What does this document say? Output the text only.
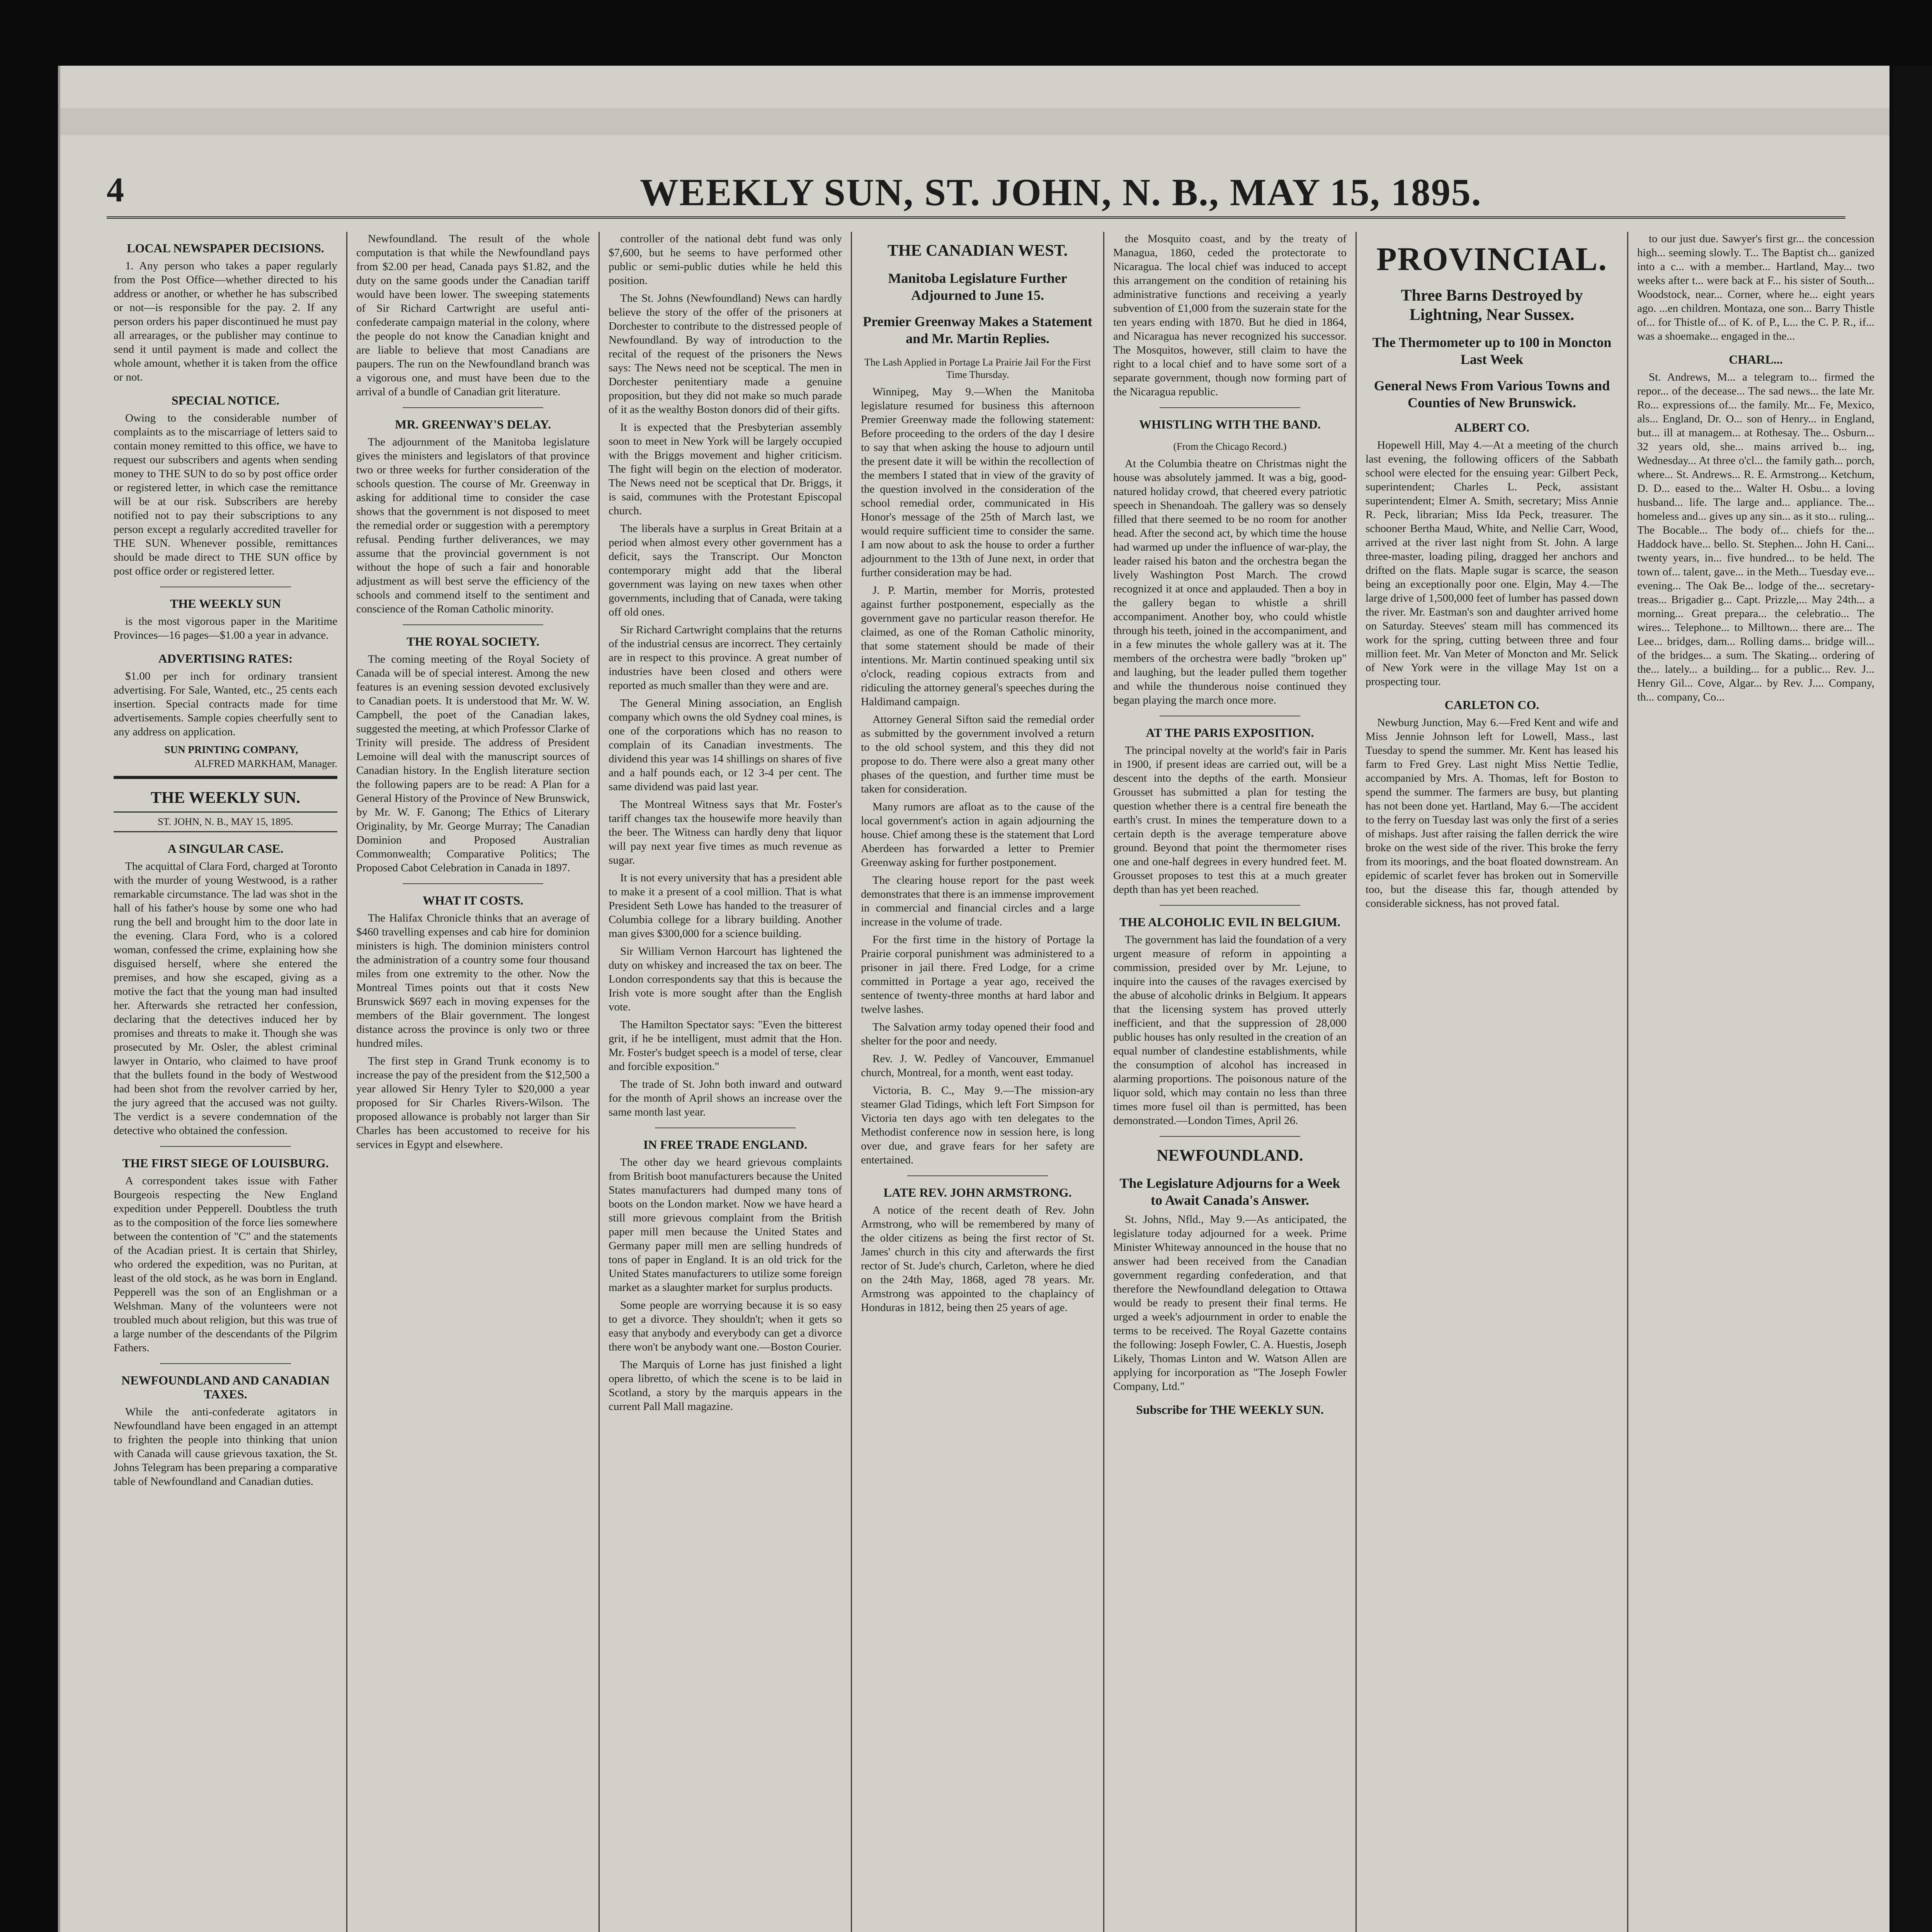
4	WEEKLY SUN, ST. JOHN, N. B., MAY 15, 1895.
LOCAL NEWSPAPER DECISIONS.

1. Any person who takes a paper regularly from the Post Office—whether directed to his address or another, or whether he has subscribed or not—is responsible for the pay. 2. If any person orders his paper discontinued he must pay all arrearages, or the publisher may continue to send it until payment is made and collect the whole amount, whether it is taken from the office or not.

SPECIAL NOTICE.

Owing to the considerable number of complaints as to the miscarriage of letters said to contain money remitted to this office, we have to request our subscribers and agents when sending money to THE SUN to do so by post office order or registered letter, in which case the remittance will be at our risk. Subscribers are hereby notified not to pay their subscriptions to any person except a regularly accredited traveller for THE SUN. Whenever possible, remittances should be made direct to THE SUN office by post office order or registered letter.

THE WEEKLY SUN

is the most vigorous paper in the Maritime Provinces—16 pages—$1.00 a year in advance.

ADVERTISING RATES:

$1.00 per inch for ordinary transient advertising. For Sale, Wanted, etc., 25 cents each insertion. Special contracts made for time advertisements. Sample copies cheerfully sent to any address on application.

SUN PRINTING COMPANY,

ALFRED MARKHAM, Manager.

THE WEEKLY SUN.
ST. JOHN, N. B., MAY 15, 1895.
A SINGULAR CASE.

The acquittal of Clara Ford, charged at Toronto with the murder of young Westwood, is a rather remarkable circumstance. The lad was shot in the hall of his father's house by some one who had rung the bell and brought him to the door late in the evening. Clara Ford, who is a colored woman, confessed the crime, explaining how she disguised herself, where she entered the premises, and how she escaped, giving as a motive the fact that the young man had insulted her. Afterwards she retracted her confession, declaring that the detectives induced her by promises and threats to make it. Though she was prosecuted by Mr. Osler, the ablest criminal lawyer in Ontario, who claimed to have proof that the bullets found in the body of Westwood had been shot from the revolver carried by her, the jury agreed that the accused was not guilty. The verdict is a severe condemnation of the detective who obtained the confession.

THE FIRST SIEGE OF LOUISBURG.

A correspondent takes issue with Father Bourgeois respecting the New England expedition under Pepperell. Doubtless the truth as to the composition of the force lies somewhere between the contention of "C" and the statements of the Acadian priest. It is certain that Shirley, who ordered the expedition, was no Puritan, at least of the old stock, as he was born in England. Pepperell was the son of an Englishman or a Welshman. Many of the volunteers were not troubled much about religion, but this was true of a large number of the descendants of the Pilgrim Fathers.

NEWFOUNDLAND AND CANADIAN TAXES.

While the anti-confederate agitators in Newfoundland have been engaged in an attempt to frighten the people into thinking that union with Canada will cause grievous taxation, the St. Johns Telegram has been preparing a comparative table of Newfoundland and Canadian duties.

Newfoundland. The result of the whole computation is that while the Newfoundland pays from $2.00 per head, Canada pays $1.82, and the duty on the same goods under the Canadian tariff would have been lower. The sweeping statements of Sir Richard Cartwright are useful anti-confederate campaign material in the colony, where the people do not know the Canadian knight and are liable to believe that most Canadians are paupers. The run on the Newfoundland branch was a vigorous one, and must have been due to the arrival of a bundle of Canadian grit literature.

MR. GREENWAY'S DELAY.

The adjournment of the Manitoba legislature gives the ministers and legislators of that province two or three weeks for further consideration of the schools question. The course of Mr. Greenway in asking for additional time to consider the case shows that the government is not disposed to meet the remedial order or suggestion with a peremptory refusal. Pending further deliverances, we may assume that the provincial government is not without the hope of such a fair and honorable adjustment as will best serve the efficiency of the schools and commend itself to the sentiment and conscience of the Roman Catholic minority.

THE ROYAL SOCIETY.

The coming meeting of the Royal Society of Canada will be of special interest. Among the new features is an evening session devoted exclusively to Canadian poets. It is understood that Mr. W. W. Campbell, the poet of the Canadian lakes, suggested the meeting, at which Professor Clarke of Trinity will preside. The address of President Lemoine will deal with the manuscript sources of Canadian history. In the English literature section the following papers are to be read: A Plan for a General History of the Province of New Brunswick, by Mr. W. F. Ganong; The Ethics of Literary Originality, by Mr. George Murray; The Canadian Dominion and Proposed Australian Commonwealth; Comparative Politics; The Proposed Cabot Celebration in Canada in 1897.

WHAT IT COSTS.

The Halifax Chronicle thinks that an average of $460 travelling expenses and cab hire for dominion ministers is high. The dominion ministers control the administration of a country some four thousand miles from one extremity to the other. Now the Montreal Times points out that it costs New Brunswick $697 each in moving expenses for the members of the Blair government. The longest distance across the province is only two or three hundred miles.

The first step in Grand Trunk economy is to increase the pay of the president from the $12,500 a year allowed Sir Henry Tyler to $20,000 a year proposed for Sir Charles Rivers-Wilson. The proposed allowance is probably not larger than Sir Charles has been accustomed to receive for his services in Egypt and elsewhere.

controller of the national debt fund was only $7,600, but he seems to have performed other public or semi-public duties while he held this position.

The St. Johns (Newfoundland) News can hardly believe the story of the offer of the prisoners at Dorchester to contribute to the distressed people of Newfoundland. By way of introduction to the recital of the request of the prisoners the News says: The News need not be sceptical. The men in Dorchester penitentiary made a genuine proposition, but they did not make so much parade of it as the wealthy Boston donors did of their gifts.

It is expected that the Presbyterian assembly soon to meet in New York will be largely occupied with the Briggs movement and higher criticism. The fight will begin on the election of moderator. The News need not be sceptical that Dr. Briggs, it is said, communes with the Protestant Episcopal church.

The liberals have a surplus in Great Britain at a period when almost every other government has a deficit, says the Transcript. Our Moncton contemporary might add that the liberal government was laying on new taxes when other governments, including that of Canada, were taking off old ones.

Sir Richard Cartwright complains that the returns of the industrial census are incorrect. They certainly are in respect to this province. A great number of industries have been closed and others were reported as much smaller than they were and are.

The General Mining association, an English company which owns the old Sydney coal mines, is one of the corporations which has no reason to complain of its Canadian investments. The dividend this year was 14 shillings on shares of five and a half pounds each, or 12 3-4 per cent. The same dividend was paid last year.

The Montreal Witness says that Mr. Foster's tariff changes tax the housewife more heavily than the beer. The Witness can hardly deny that liquor will pay next year five times as much revenue as sugar.

It is not every university that has a president able to make it a present of a cool million. That is what President Seth Lowe has handed to the treasurer of Columbia college for a library building. Another man gives $300,000 for a science building.

Sir William Vernon Harcourt has lightened the duty on whiskey and increased the tax on beer. The London correspondents say that this is because the Irish vote is more sought after than the English vote.

The Hamilton Spectator says: "Even the bitterest grit, if he be intelligent, must admit that the Hon. Mr. Foster's budget speech is a model of terse, clear and forcible exposition."

The trade of St. John both inward and outward for the month of April shows an increase over the same month last year.

IN FREE TRADE ENGLAND.

The other day we heard grievous complaints from British boot manufacturers because the United States manufacturers had dumped many tons of boots on the London market. Now we have heard a still more grievous complaint from the British paper mill men because the United States and Germany paper mill men are selling hundreds of tons of paper in England. It is an old trick for the United States manufacturers to utilize some foreign market as a slaughter market for surplus products.

Some people are worrying because it is so easy to get a divorce. They shouldn't; when it gets so easy that anybody and everybody can get a divorce there won't be anybody want one.—Boston Courier.

The Marquis of Lorne has just finished a light opera libretto, of which the scene is to be laid in Scotland, a story by the marquis appears in the current Pall Mall magazine.

THE CANADIAN WEST.
Manitoba Legislature Further Adjourned to June 15.
Premier Greenway Makes a Statement and Mr. Martin Replies.
The Lash Applied in Portage La Prairie Jail For the First Time Thursday.

Winnipeg, May 9.—When the Manitoba legislature resumed for business this afternoon Premier Greenway made the following statement: Before proceeding to the orders of the day I desire to say that when asking the house to adjourn until the present date it will be within the recollection of the members I stated that in view of the gravity of the question involved in the consideration of the school remedial order, communicated in His Honor's message of the 25th of March last, we would require sufficient time to consider the same. I am now about to ask the house to order a further adjournment to the 13th of June next, in order that further consideration may be had.

J. P. Martin, member for Morris, protested against further postponement, especially as the government gave no particular reason therefor. He claimed, as one of the Roman Catholic minority, that some statement should be made of their intentions. Mr. Martin continued speaking until six o'clock, reading copious extracts from and ridiculing the attorney general's speeches during the Haldimand campaign.

Attorney General Sifton said the remedial order as submitted by the government involved a return to the old school system, and this they did not propose to do. There were also a great many other phases of the question, and further time must be taken for consideration.

Many rumors are afloat as to the cause of the local government's action in again adjourning the house. Chief among these is the statement that Lord Aberdeen has forwarded a letter to Premier Greenway asking for further postponement.

The clearing house report for the past week demonstrates that there is an immense improvement in commercial and financial circles and a large increase in the volume of trade.

For the first time in the history of Portage la Prairie corporal punishment was administered to a prisoner in jail there. Fred Lodge, for a crime committed in Portage a year ago, received the sentence of twenty-three months at hard labor and twelve lashes.

The Salvation army today opened their food and shelter for the poor and needy.

Rev. J. W. Pedley of Vancouver, Emmanuel church, Montreal, for a month, went east today.

Victoria, B. C., May 9.—The mission-ary steamer Glad Tidings, which left Fort Simpson for Victoria ten days ago with ten delegates to the Methodist conference now in session here, is long over due, and grave fears for her safety are entertained.

LATE REV. JOHN ARMSTRONG.

A notice of the recent death of Rev. John Armstrong, who will be remembered by many of the older citizens as being the first rector of St. James' church in this city and afterwards the first rector of St. Jude's church, Carleton, where he died on the 24th May, 1868, aged 78 years. Mr. Armstrong was appointed to the chaplaincy of Honduras in 1812, being then 25 years of age.

the Mosquito coast, and by the treaty of Managua, 1860, ceded the protectorate to Nicaragua. The local chief was induced to accept this arrangement on the condition of retaining his administrative functions and receiving a yearly subvention of £1,000 from the suzerain state for the ten years ending with 1870. But he died in 1864, and Nicaragua has never recognized his successor. The Mosquitos, however, still claim to have the right to a local chief and to have some sort of a separate government, though now forming part of the Nicaragua republic.

WHISTLING WITH THE BAND.
(From the Chicago Record.)

At the Columbia theatre on Christmas night the house was absolutely jammed. It was a big, good-natured holiday crowd, that cheered every patriotic speech in Shenandoah. The gallery was so densely filled that there seemed to be no room for another head. After the second act, by which time the house had warmed up under the influence of war-play, the leader raised his baton and the orchestra began the lively Washington Post March. The crowd recognized it at once and applauded. Then a boy in the gallery began to whistle a shrill accompaniment. Another boy, who could whistle through his teeth, joined in the accompaniment, and in a few minutes the whole gallery was at it. The members of the orchestra were badly "broken up" and laughing, but the leader pulled them together and while the thunderous noise continued they began playing the march once more.

AT THE PARIS EXPOSITION.

The principal novelty at the world's fair in Paris in 1900, if present ideas are carried out, will be a descent into the depths of the earth. Monsieur Grousset has submitted a plan for testing the question whether there is a central fire beneath the earth's crust. In mines the temperature down to a certain depth is the average temperature above ground. Beyond that point the thermometer rises one and one-half degrees in every hundred feet. M. Grousset proposes to test this at a much greater depth than has yet been reached.

THE ALCOHOLIC EVIL IN BELGIUM.

The government has laid the foundation of a very urgent measure of reform in appointing a commission, presided over by Mr. Lejune, to inquire into the causes of the ravages exercised by the abuse of alcoholic drinks in Belgium. It appears that the licensing system has proved utterly inefficient, and that the suppression of 28,000 public houses has only resulted in the creation of an equal number of clandestine establishments, while the consumption of alcohol has increased in alarming proportions. The poisonous nature of the liquor sold, which may contain no less than three times more fusel oil than is permitted, has been demonstrated.—London Times, April 26.

NEWFOUNDLAND.
The Legislature Adjourns for a Week to Await Canada's Answer.

St. Johns, Nfld., May 9.—As anticipated, the legislature today adjourned for a week. Prime Minister Whiteway announced in the house that no answer had been received from the Canadian government regarding confederation, and that therefore the Newfoundland delegation to Ottawa would be ready to present their final terms. He urged a week's adjournment in order to enable the terms to be received. The Royal Gazette contains the following: Joseph Fowler, C. A. Huestis, Joseph Likely, Thomas Linton and W. Watson Allen are applying for incorporation as "The Joseph Fowler Company, Ltd."

Subscribe for THE WEEKLY SUN.
PROVINCIAL.
Three Barns Destroyed by Lightning, Near Sussex.
The Thermometer up to 100 in Moncton Last Week
General News From Various Towns and Counties of New Brunswick.
ALBERT CO.

Hopewell Hill, May 4.—At a meeting of the church last evening, the following officers of the Sabbath school were elected for the ensuing year: Gilbert Peck, superintendent; Charles L. Peck, assistant superintendent; Elmer A. Smith, secretary; Miss Annie R. Peck, librarian; Miss Ida Peck, treasurer. The schooner Bertha Maud, White, and Nellie Carr, Wood, arrived at the river last night from St. John. A large three-master, loading piling, dragged her anchors and drifted on the flats. Maple sugar is scarce, the season being an exceptionally poor one. Elgin, May 4.—The large drive of 1,500,000 feet of lumber has passed down the river. Mr. Eastman's son and daughter arrived home on Saturday. Steeves' steam mill has commenced its work for the spring, cutting between three and four million feet. Mr. Van Meter of Moncton and Mr. Selick of New York were in the village May 1st on a prospecting tour.

CARLETON CO.

Newburg Junction, May 6.—Fred Kent and wife and Miss Jennie Johnson left for Lowell, Mass., last Tuesday to spend the summer. Mr. Kent has leased his farm to Fred Grey. Last night Miss Nettie Tedlie, accompanied by Mrs. A. Thomas, left for Boston to spend the summer. The farmers are busy, but planting has not been done yet. Hartland, May 6.—The accident to the ferry on Tuesday last was only the first of a series of mishaps. Just after raising the fallen derrick the wire broke on the west side of the river. This broke the ferry from its moorings, and the boat floated downstream. An epidemic of scarlet fever has broken out in Somerville too, but the disease this far, though attended by considerable sickness, has not proved fatal.

to our just due. Sawyer's first gr... the concession high... seeming slowly. T... The Baptist ch... ganized into a c... with a member... Hartland, May... two weeks after t... were back at F... his sister of South... Woodstock, near... Corner, where he... eight years ago. ...en children. Montaza, one son... Barry Thistle of... for Thistle of... of K. of P., L... the C. P. R., if... was a shoemake... engaged in the...

CHARL...

St. Andrews, M... a telegram to... firmed the repor... of the decease... The sad news... the late Mr. Ro... expressions of... the family. Mr... Fe, Mexico, als... England, Dr. O... son of Henry... in England, but... ill at managem... at Rothesay. The... Osburn... 32 years old, she... mains arrived b... ing, Wednesday... At three o'cl... the family gath... porch, where... St. Andrews... R. E. Armstrong... Ketchum, D. D... eased to the... Walter H. Osbu... a loving husband... life. The large and... appliance. The... homeless and... gives up any sin... as it sto... ruling... The Bocable... The body of... chiefs for the... Haddock have... bello. St. Stephen... John H. Cani... twenty years, in... five hundred... to be held. The town of... talent, gave... in the Meth... Tuesday eve... evening... The Oak Be... lodge of the... secretary-treas... Brigadier g... Capt. Prizzle,... May 24th... a morning... Great prepara... the celebratio... The wires... Telephone... to Milltown... there are... The Lee... bridges, dam... Rolling dams... bridge will... of the bridges... a sum. The Skating... ordering of the... lately... a building... for a public... Rev. J... Henry Gil... Cove, Algar... by Rev. J.... Company, th... company, Co...
